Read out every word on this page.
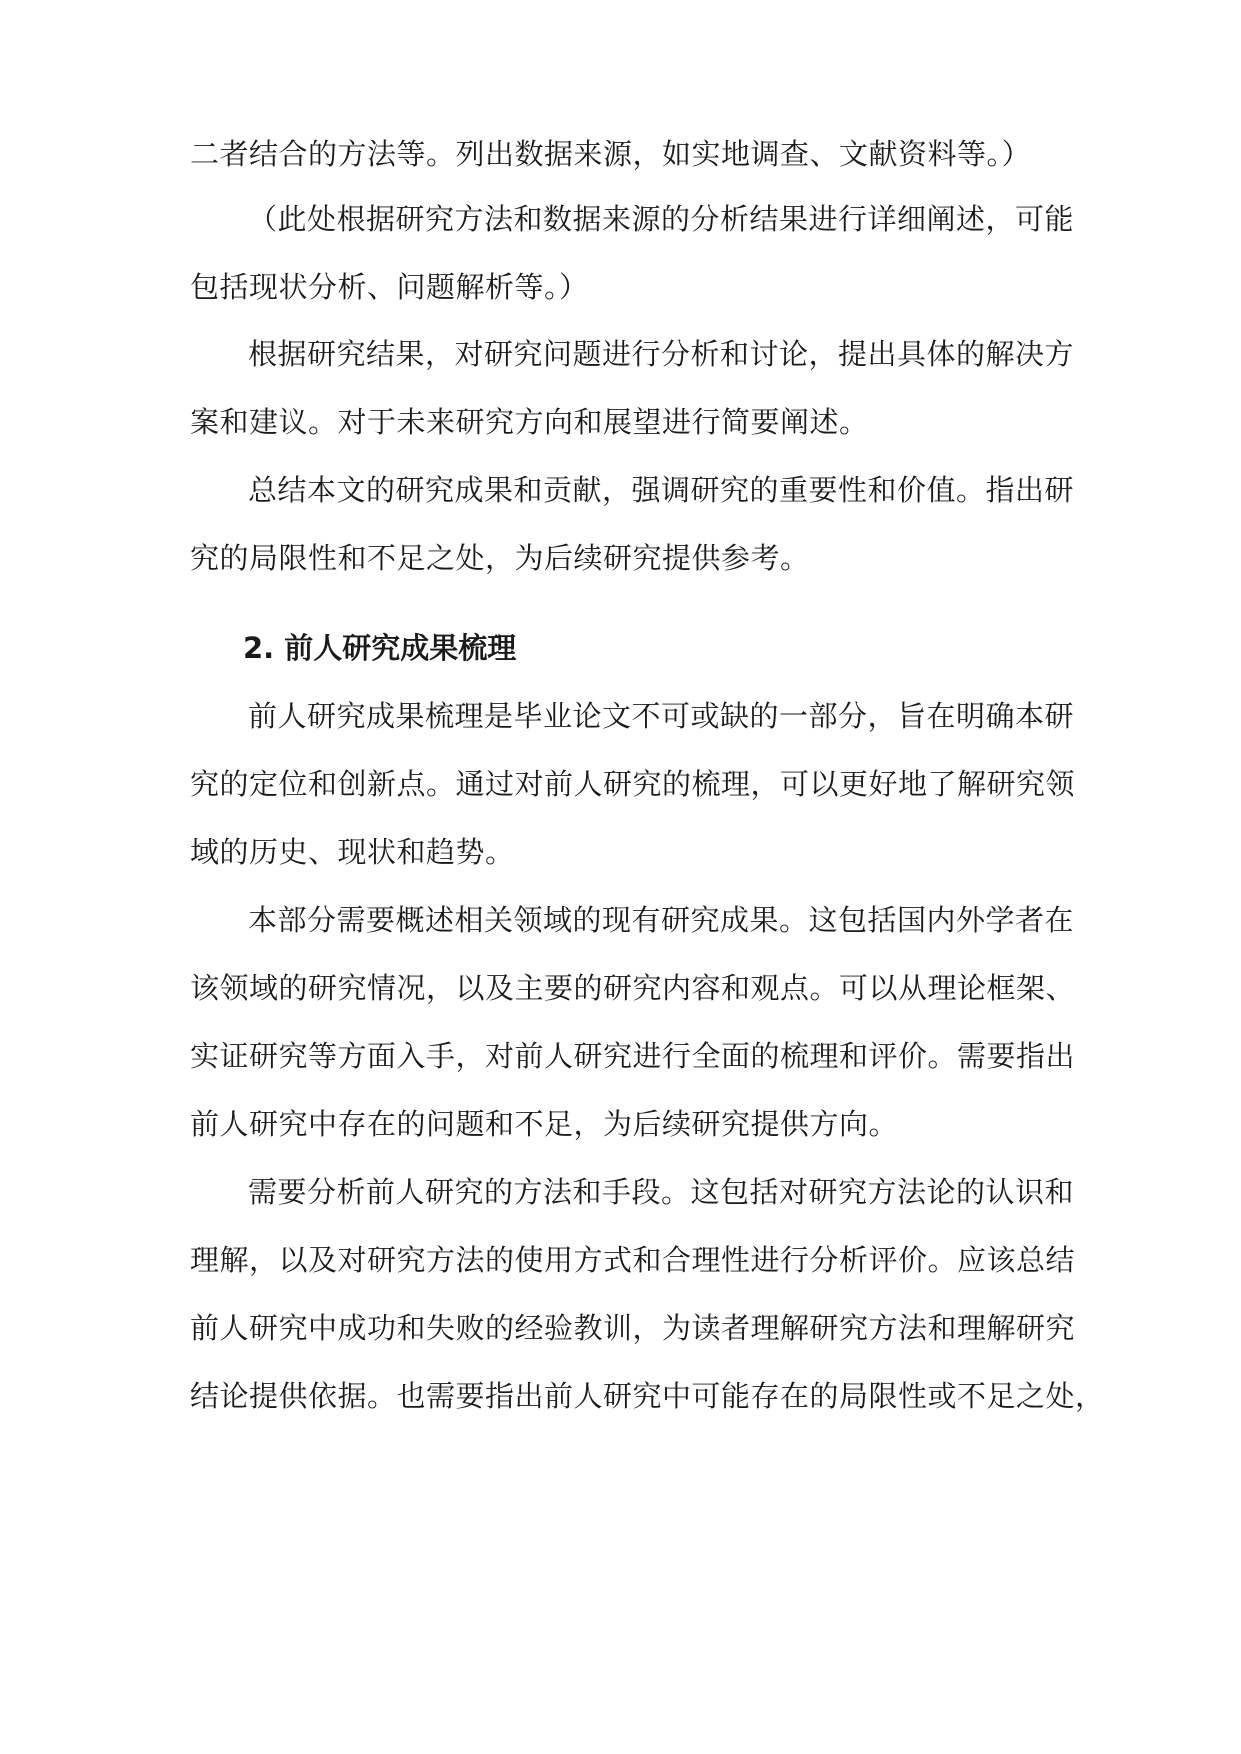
二者结合的方法等。列出数据来源，如实地调查、文献资料等。）
（此处根据研究方法和数据来源的分析结果进行详细阐述，可能
包括现状分析、问题解析等。）
根据研究结果，对研究问题进行分析和讨论，提出具体的解决方
案和建议。对于未来研究方向和展望进行简要阐述。
总结本文的研究成果和贡献，强调研究的重要性和价值。指出研
究的局限性和不足之处，为后续研究提供参考。
2. 前人研究成果梳理
前人研究成果梳理是毕业论文不可或缺的一部分，旨在明确本研
究的定位和创新点。通过对前人研究的梳理，可以更好地了解研究领
域的历史、现状和趋势。
本部分需要概述相关领域的现有研究成果。这包括国内外学者在
该领域的研究情况，以及主要的研究内容和观点。可以从理论框架、
实证研究等方面入手，对前人研究进行全面的梳理和评价。需要指出
前人研究中存在的问题和不足，为后续研究提供方向。
需要分析前人研究的方法和手段。这包括对研究方法论的认识和
理解，以及对研究方法的使用方式和合理性进行分析评价。应该总结
前人研究中成功和失败的经验教训，为读者理解研究方法和理解研究
结论提供依据。也需要指出前人研究中可能存在的局限性或不足之处，
